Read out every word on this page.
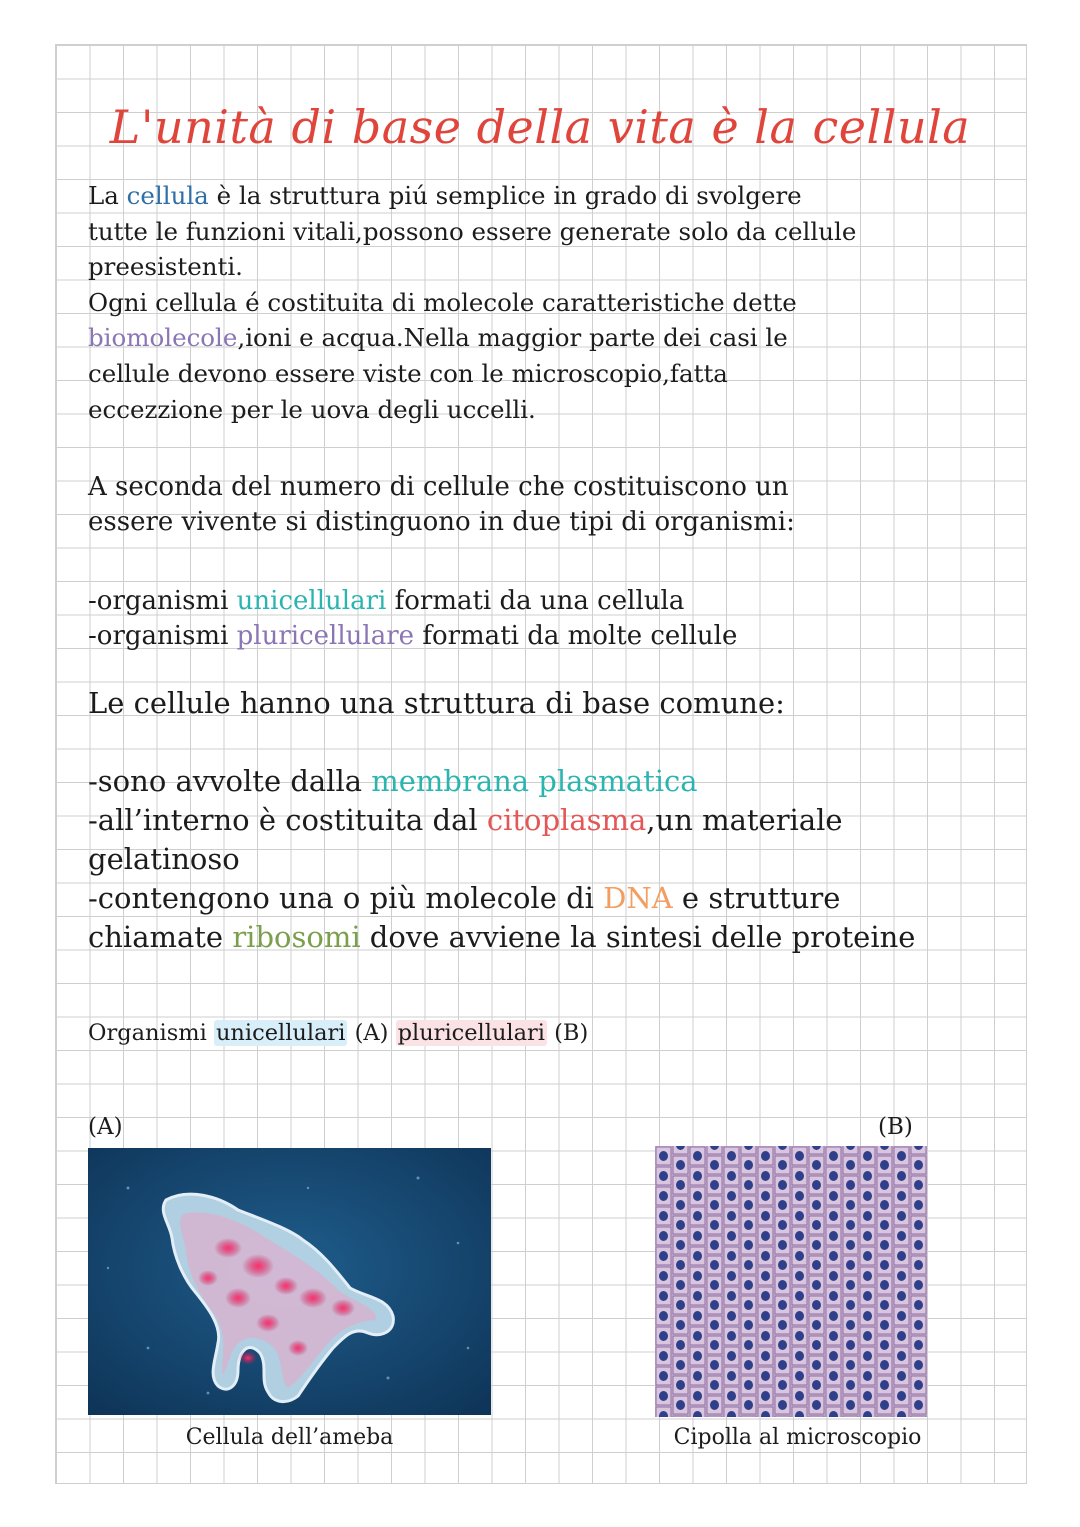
L'unità di base della vita è la cellula
La cellula è la struttura piú semplice in grado di svolgere
tutte le funzioni vitali,possono essere generate solo da cellule
preesistenti.
Ogni cellula é costituita di molecole caratteristiche dette
biomolecole,ioni e acqua.Nella maggior parte dei casi le
cellule devono essere viste con le microscopio,fatta
eccezzione per le uova degli uccelli.
A seconda del numero di cellule che costituiscono un
essere vivente si distinguono in due tipi di organismi:
-organismi unicellulari formati da una cellula
-organismi pluricellulare formati da molte cellule
Le cellule hanno una struttura di base comune:
-sono avvolte dalla membrana plasmatica
-all’interno è costituita dal citoplasma,un materiale
gelatinoso
-contengono una o più molecole di DNA e strutture
chiamate ribosomi dove avviene la sintesi delle proteine
Organismi unicellulari (A) pluricellulari (B)
(A)	(B)
Cellula dell’ameba	Cipolla al microscopio
